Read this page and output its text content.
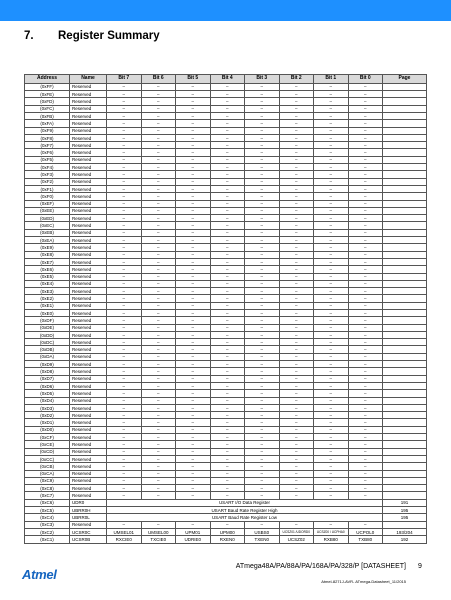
7. Register Summary
Address	Name	Bit 7	Bit 6	Bit 5	Bit 4	Bit 3	Bit 2	Bit 1	Bit 0	Page
(0xFF)	Reserved	–	–	–	–	–	–	–	–	
(0xFE)	Reserved	–	–	–	–	–	–	–	–	
(0xFD)	Reserved	–	–	–	–	–	–	–	–	
(0xFC)	Reserved	–	–	–	–	–	–	–	–	
(0xFB)	Reserved	–	–	–	–	–	–	–	–	
(0xFA)	Reserved	–	–	–	–	–	–	–	–	
(0xF9)	Reserved	–	–	–	–	–	–	–	–	
(0xF8)	Reserved	–	–	–	–	–	–	–	–	
(0xF7)	Reserved	–	–	–	–	–	–	–	–	
(0xF6)	Reserved	–	–	–	–	–	–	–	–	
(0xF5)	Reserved	–	–	–	–	–	–	–	–	
(0xF4)	Reserved	–	–	–	–	–	–	–	–	
(0xF3)	Reserved	–	–	–	–	–	–	–	–	
(0xF2)	Reserved	–	–	–	–	–	–	–	–	
(0xF1)	Reserved	–	–	–	–	–	–	–	–	
(0xF0)	Reserved	–	–	–	–	–	–	–	–	
(0xEF)	Reserved	–	–	–	–	–	–	–	–	
(0xEE)	Reserved	–	–	–	–	–	–	–	–	
(0xED)	Reserved	–	–	–	–	–	–	–	–	
(0xEC)	Reserved	–	–	–	–	–	–	–	–	
(0xEB)	Reserved	–	–	–	–	–	–	–	–	
(0xEA)	Reserved	–	–	–	–	–	–	–	–	
(0xE9)	Reserved	–	–	–	–	–	–	–	–	
(0xE8)	Reserved	–	–	–	–	–	–	–	–	
(0xE7)	Reserved	–	–	–	–	–	–	–	–	
(0xE6)	Reserved	–	–	–	–	–	–	–	–	
(0xE5)	Reserved	–	–	–	–	–	–	–	–	
(0xE4)	Reserved	–	–	–	–	–	–	–	–	
(0xE3)	Reserved	–	–	–	–	–	–	–	–	
(0xE2)	Reserved	–	–	–	–	–	–	–	–	
(0xE1)	Reserved	–	–	–	–	–	–	–	–	
(0xE0)	Reserved	–	–	–	–	–	–	–	–	
(0xDF)	Reserved	–	–	–	–	–	–	–	–	
(0xDE)	Reserved	–	–	–	–	–	–	–	–	
(0xDD)	Reserved	–	–	–	–	–	–	–	–	
(0xDC)	Reserved	–	–	–	–	–	–	–	–	
(0xDB)	Reserved	–	–	–	–	–	–	–	–	
(0xDA)	Reserved	–	–	–	–	–	–	–	–	
(0xD9)	Reserved	–	–	–	–	–	–	–	–	
(0xD8)	Reserved	–	–	–	–	–	–	–	–	
(0xD7)	Reserved	–	–	–	–	–	–	–	–	
(0xD6)	Reserved	–	–	–	–	–	–	–	–	
(0xD5)	Reserved	–	–	–	–	–	–	–	–	
(0xD4)	Reserved	–	–	–	–	–	–	–	–	
(0xD3)	Reserved	–	–	–	–	–	–	–	–	
(0xD2)	Reserved	–	–	–	–	–	–	–	–	
(0xD1)	Reserved	–	–	–	–	–	–	–	–	
(0xD0)	Reserved	–	–	–	–	–	–	–	–	
(0xCF)	Reserved	–	–	–	–	–	–	–	–	
(0xCE)	Reserved	–	–	–	–	–	–	–	–	
(0xCD)	Reserved	–	–	–	–	–	–	–	–	
(0xCC)	Reserved	–	–	–	–	–	–	–	–	
(0xCB)	Reserved	–	–	–	–	–	–	–	–	
(0xCA)	Reserved	–	–	–	–	–	–	–	–	
(0xC9)	Reserved	–	–	–	–	–	–	–	–	
(0xC8)	Reserved	–	–	–	–	–	–	–	–	
(0xC7)	Reserved	–	–	–	–	–	–	–	–	
(0xC6)	UDR0	USART I/O Data Register								191
(0xC5)	UBRR0H	USART Baud Rate Register High								195
(0xC4)	UBRR0L	USART Baud Rate Register Low								195
(0xC3)	Reserved	–	–	–	–	–	–	–	–	
(0xC2)	UCSR0C	UMSEL01	UMSEL00	UPM01	UPM00	USBS0	UCSZ01 /UDORD0	UCSZ00 / UCPHA0	UCPOL0	193/204
(0xC1)	UCSR0B	RXCIE0	TXCIE0	UDRIE0	RXEN0	TXEN0	UCSZ02	RXB80	TXB80	192
Atmel
ATmega48A/PA/88A/PA/168A/PA/328/P [DATASHEET] 9
Atmel-8271J-AVR- ATmega-Datasheet_11/2015
